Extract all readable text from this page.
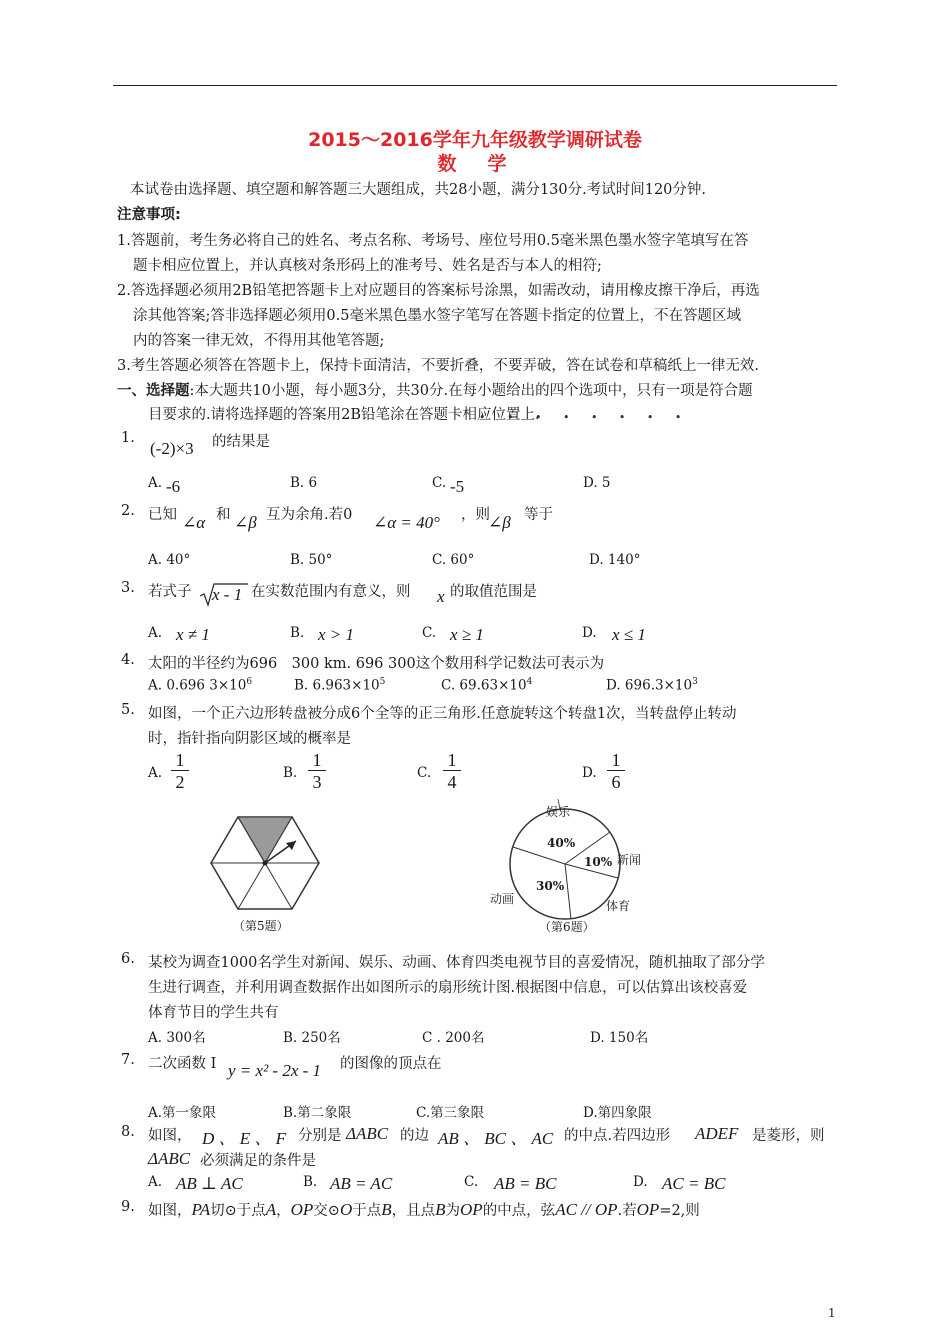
2015～2016学年九年级教学调研试卷
数　学
本试卷由选择题、填空题和解答题三大题组成，共28小题，满分130分.考试时间120分钟.
注意事项:
1.答题前，考生务必将自己的姓名、考点名称、考场号、座位号用0.5毫米黑色墨水签字笔填写在答
题卡相应位置上，并认真核对条形码上的准考号、姓名是否与本人的相符;
2.答选择题必须用2B铅笔把答题卡上对应题目的答案标号涂黑，如需改动，请用橡皮擦干净后，再选
涂其他答案;答非选择题必须用0.5毫米黑色墨水签字笔写在答题卡指定的位置上，不在答题区域
内的答案一律无效，不得用其他笔答题;
3.考生答题必须答在答题卡上，保持卡面清洁，不要折叠，不要弄破，答在试卷和草稿纸上一律无效.
一、选择题:本大题共10小题，每小题3分，共30分.在每小题给出的四个选项中，只有一项是符合题
目要求的.请将选择题的答案用2B铅笔涂在答题卡相应位置上.
• • • • • • • •
1.
(-2)×3 的结果是
A. -6	B. 6	C. -5	D. 5
2. 已知 ∠α 和 ∠β 互为余角.若0 ∠α = 40° ，则
∠β 等于
A. 40°	B. 50°	C. 60°	D. 140°
3. 若式子 x - 1 在实数范围内有意义，则 x 的取值范围是
A. x ≠ 1	B. x > 1	C. x ≥ 1	D. x ≤ 1
4. 太阳的半径约为696　300 km. 696 300这个数用科学记数法可表示为
A. 0.696 $3\times 10^6$	B. $6.963\times 10^5$	C. $69.63\times 10^4$	D. $696.3\times 10^3$
5. 如图，一个正六边形转盘被分成6个全等的正三角形.任意旋转这个转盘1次，当转盘停止转动
时，指针指向阴影区域的概率是
A. $\frac{1}{2}$	B. $\frac{1}{3}$	C. $\frac{1}{4}$	D. $\frac{1}{6}$
（第5题）
娱乐
40%
10% 新闻
30%
动画	体育
（第6题）
6. 某校为调查1000名学生对新闻、娱乐、动画、体育四类电视节目的喜爱情况，随机抽取了部分学
生进行调查，并利用调查数据作出如图所示的扇形统计图.根据图中信息，可以估算出该校喜爱
体育节目的学生共有
A. 300名	B. 250名	C . 200名	D. 150名
7. 二次函数 I y = x² - 2x - 1 的图像的顶点在
A.第一象限	B.第二象限	C.第三象限	D.第四象限
8. 如图， D 、 E 、 F 分别是 ΔABC 的边 AB 、 BC 、 AC 的中点.若四边形 ADEF 是菱形，则
ΔABC 必须满足的条件是
A. AB ⊥ AC	B. AB = AC	C. AB = BC	D. AC = BC
9. 如图，PA切⊙于点A，OP交⊙O于点B，且点B为OP的中点，弦AC // OP.若OP=2,则
1
